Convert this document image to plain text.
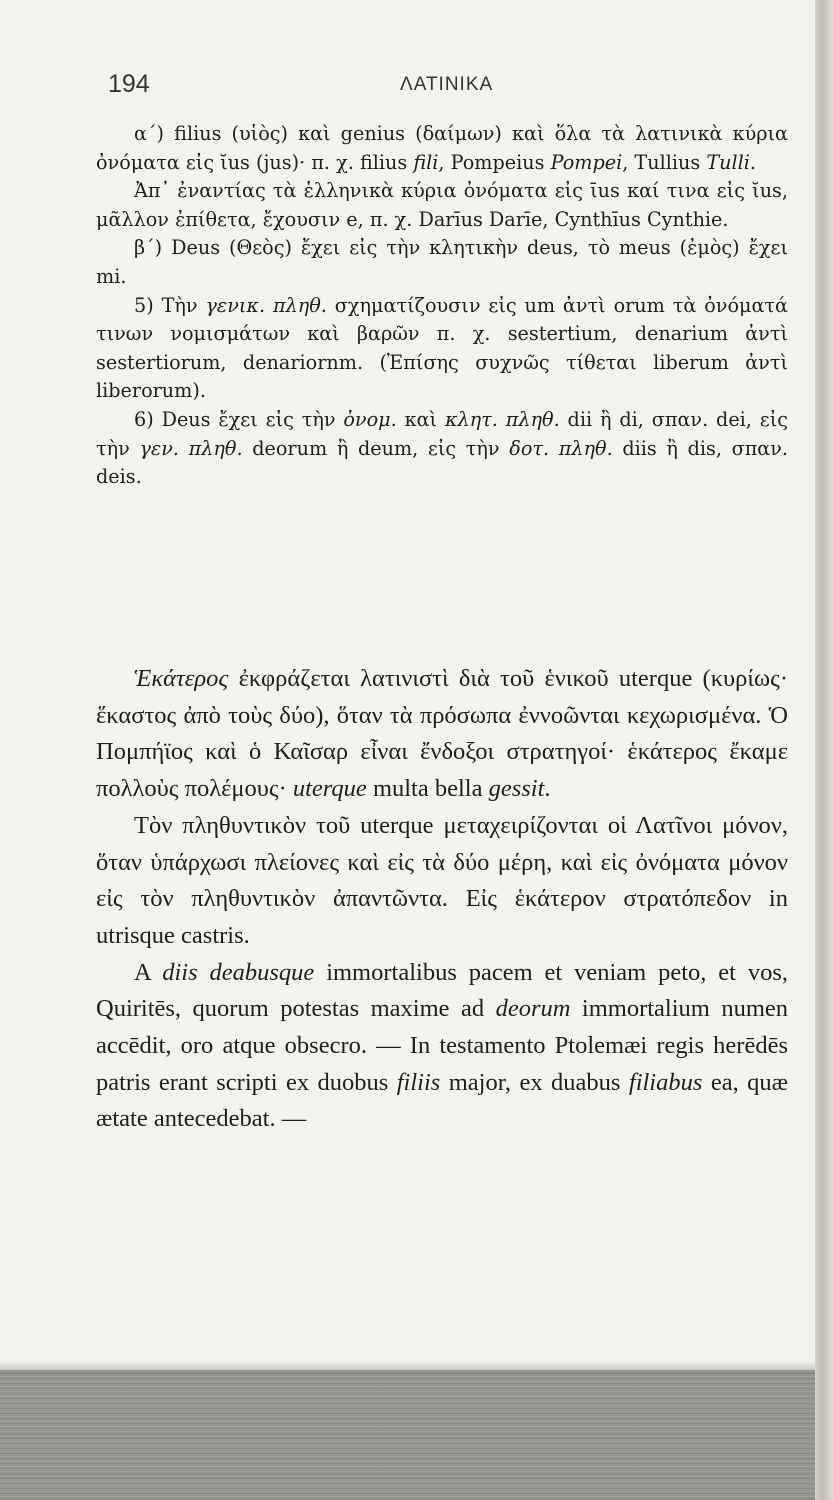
194	ΛΑΤΙΝΙΚΑ

α΄) filius (υἱὸς) καὶ genius (δαίμων) καὶ ὅλα τὰ λατινικὰ κύρια ὀνόματα εἰς ῐus (jus)· π. χ. filius fili, Pompeius Pompei, Tullius Tulli.

Ἀπ᾽ ἐναντίας τὰ ἑλληνικὰ κύρια ὀνόματα εἰς ῑus καί τινα εἰς ῐus, μᾶλλον ἐπίθετα, ἔχουσιν e, π. χ. Darīus Darīe, Cynthīus Cynthie.

β΄) Deus (Θεὸς) ἔχει εἰς τὴν κλητικὴν deus, τὸ meus (ἐμὸς) ἔχει mi.

5) Τὴν γενικ. πληθ. σχηματίζουσιν εἰς um ἀντὶ orum τὰ ὀνόματά τινων νομισμάτων καὶ βαρῶν π. χ. sestertium, denarium ἀντὶ sestertiorum, denariornm. (Ἐπίσης συχνῶς τίθεται liberum ἀντὶ liberorum).

6) Deus ἔχει εἰς τὴν ὀνομ. καὶ κλητ. πληθ. dii ἢ di, σπαν. dei, εἰς τὴν γεν. πληθ. deorum ἢ deum, εἰς τὴν δοτ. πληθ. diis ἢ dis, σπαν. deis.

Ἑκάτερος ἐκφράζεται λατινιστὶ διὰ τοῦ ἑνικοῦ uterque (κυρίως· ἕκαστος ἀπὸ τοὺς δύο), ὅταν τὰ πρόσωπα ἐννοῶνται κεχωρισμένα. Ὁ Πομπήϊος καὶ ὁ Καῖσαρ εἶναι ἔνδοξοι στρατηγοί· ἑκάτερος ἔκαμε πολλοὺς πολέμους· uterque multa bella gessit.

Τὸν πληθυντικὸν τοῦ uterque μεταχειρίζονται οἱ Λατῖνοι μόνον, ὅταν ὑπάρχωσι πλείονες καὶ εἰς τὰ δύο μέρη, καὶ εἰς ὀνόματα μόνον εἰς τὸν πληθυντικὸν ἀπαντῶντα. Εἰς ἑκάτερον στρατόπεδον in utrisque castris.

A diis deabusque immortalibus pacem et veniam peto, et vos, Quiritēs, quorum potestas maxime ad deorum immortalium numen accēdit, oro atque obsecro. — In testamento Ptolemæi regis herēdēs patris erant scripti ex duobus filiis major, ex duabus filiabus ea, quæ ætate antecedebat. —
